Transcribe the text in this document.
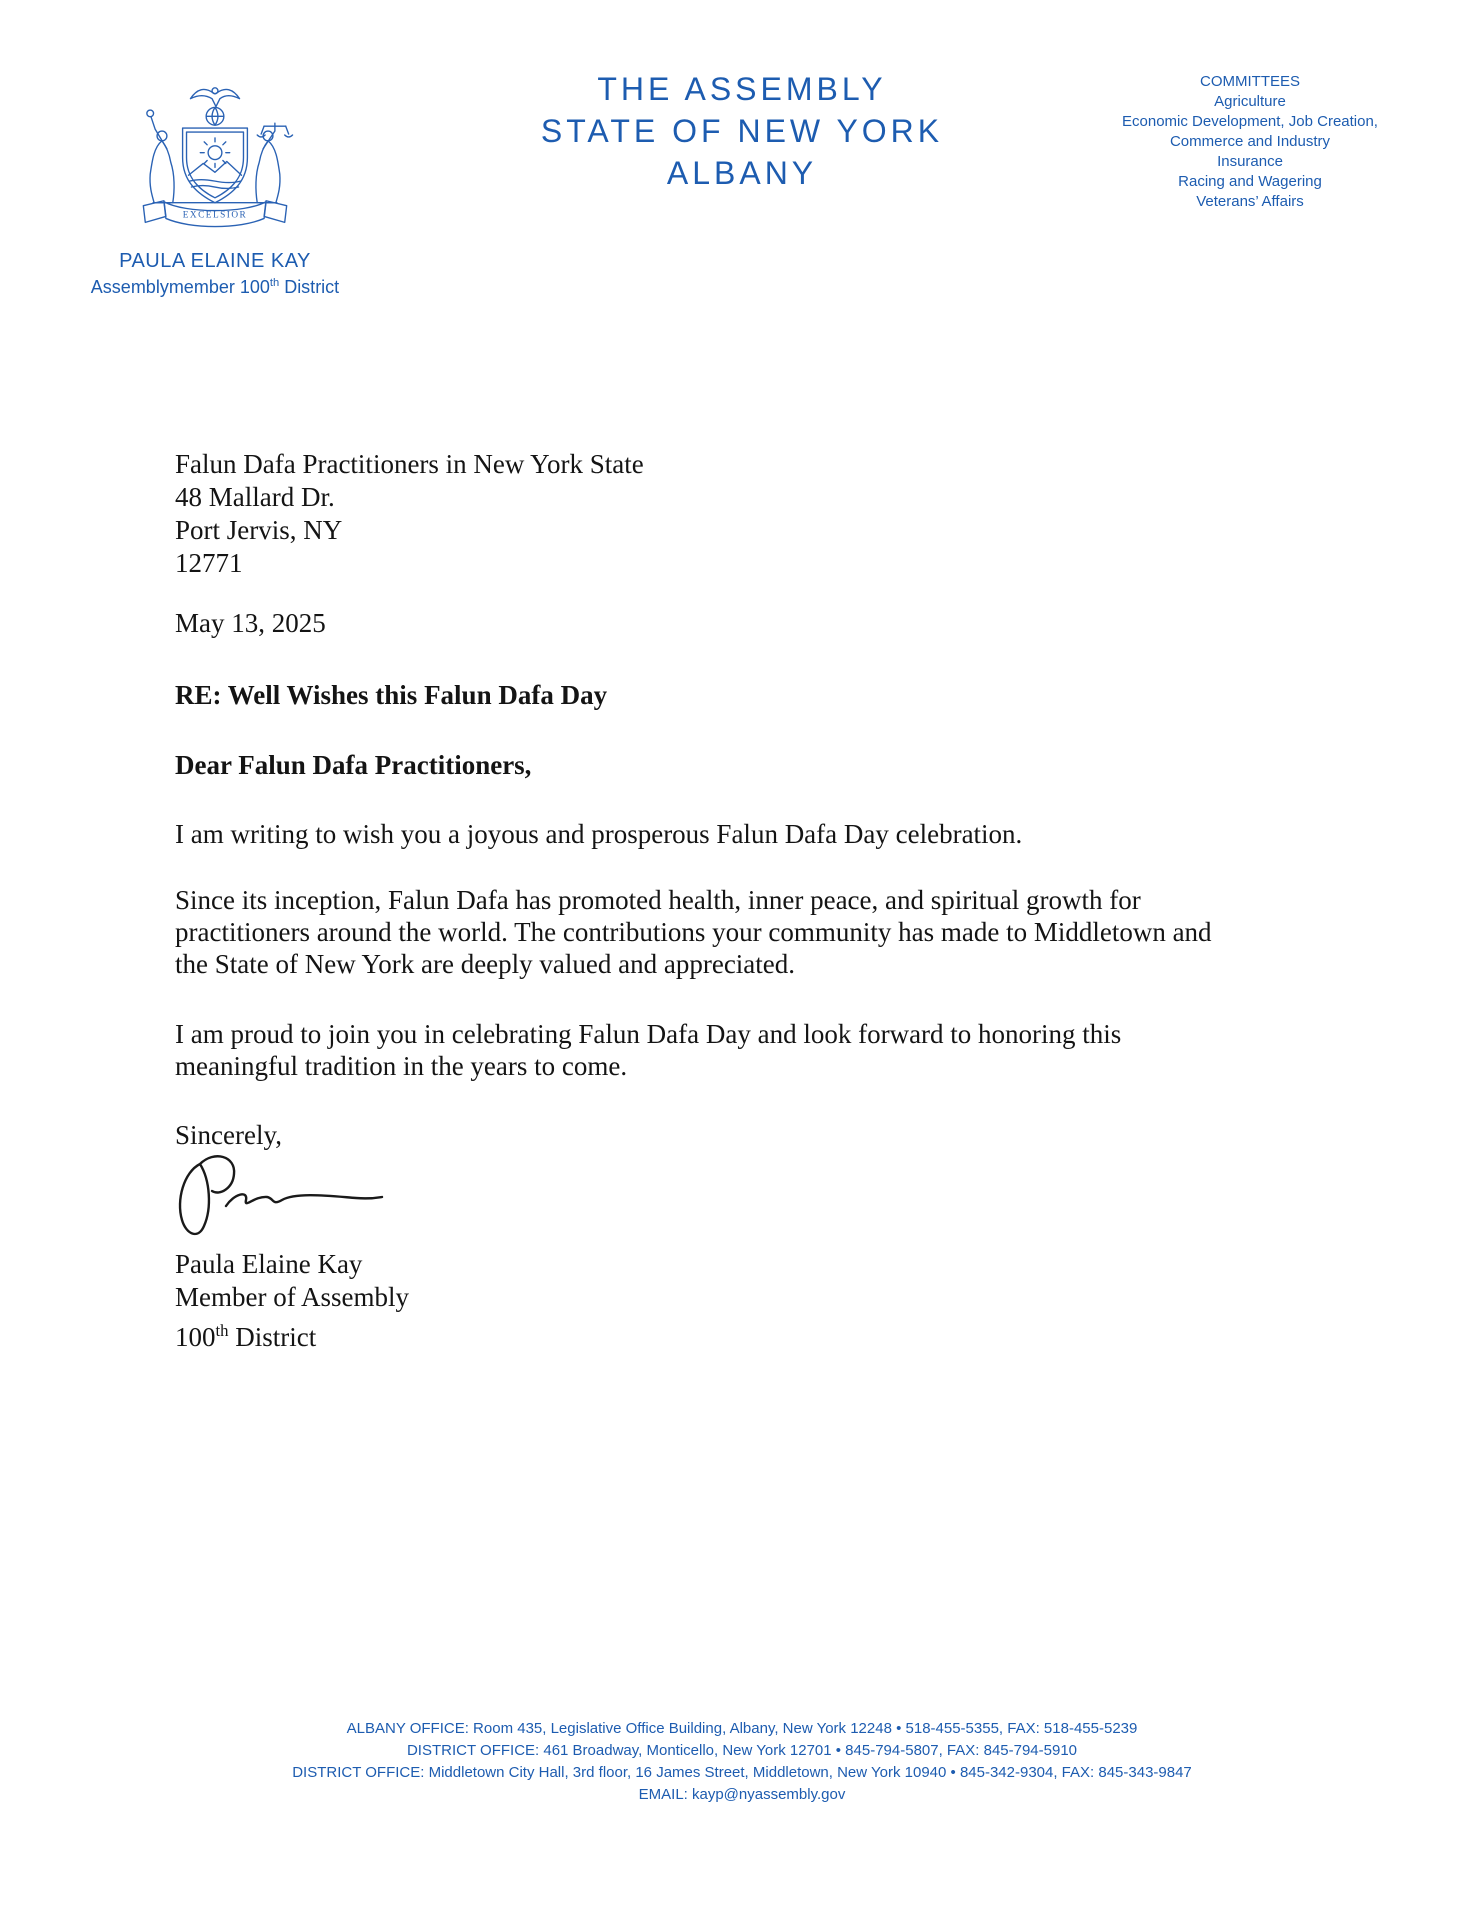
EXCELSIOR
PAULA ELAINE KAY
Assemblymember 100th District
THE ASSEMBLY
STATE OF NEW YORK
ALBANY
COMMITTEES
Agriculture
Economic Development, Job Creation,
Commerce and Industry
Insurance
Racing and Wagering
Veterans’ Affairs
Falun Dafa Practitioners in New York State
48 Mallard Dr.
Port Jervis, NY
12771
May 13, 2025
RE: Well Wishes this Falun Dafa Day
Dear Falun Dafa Practitioners,
I am writing to wish you a joyous and prosperous Falun Dafa Day celebration.
Since its inception, Falun Dafa has promoted health, inner peace, and spiritual growth for
practitioners around the world. The contributions your community has made to Middletown and
the State of New York are deeply valued and appreciated.
I am proud to join you in celebrating Falun Dafa Day and look forward to honoring this
meaningful tradition in the years to come.
Sincerely,
Paula Elaine Kay
Member of Assembly
100th District
ALBANY OFFICE: Room 435, Legislative Office Building, Albany, New York 12248 • 518-455-5355, FAX: 518-455-5239
DISTRICT OFFICE: 461 Broadway, Monticello, New York 12701 • 845-794-5807, FAX: 845-794-5910
DISTRICT OFFICE: Middletown City Hall, 3rd floor, 16 James Street, Middletown, New York 10940 • 845-342-9304, FAX: 845-343-9847
EMAIL: kayp@nyassembly.gov
